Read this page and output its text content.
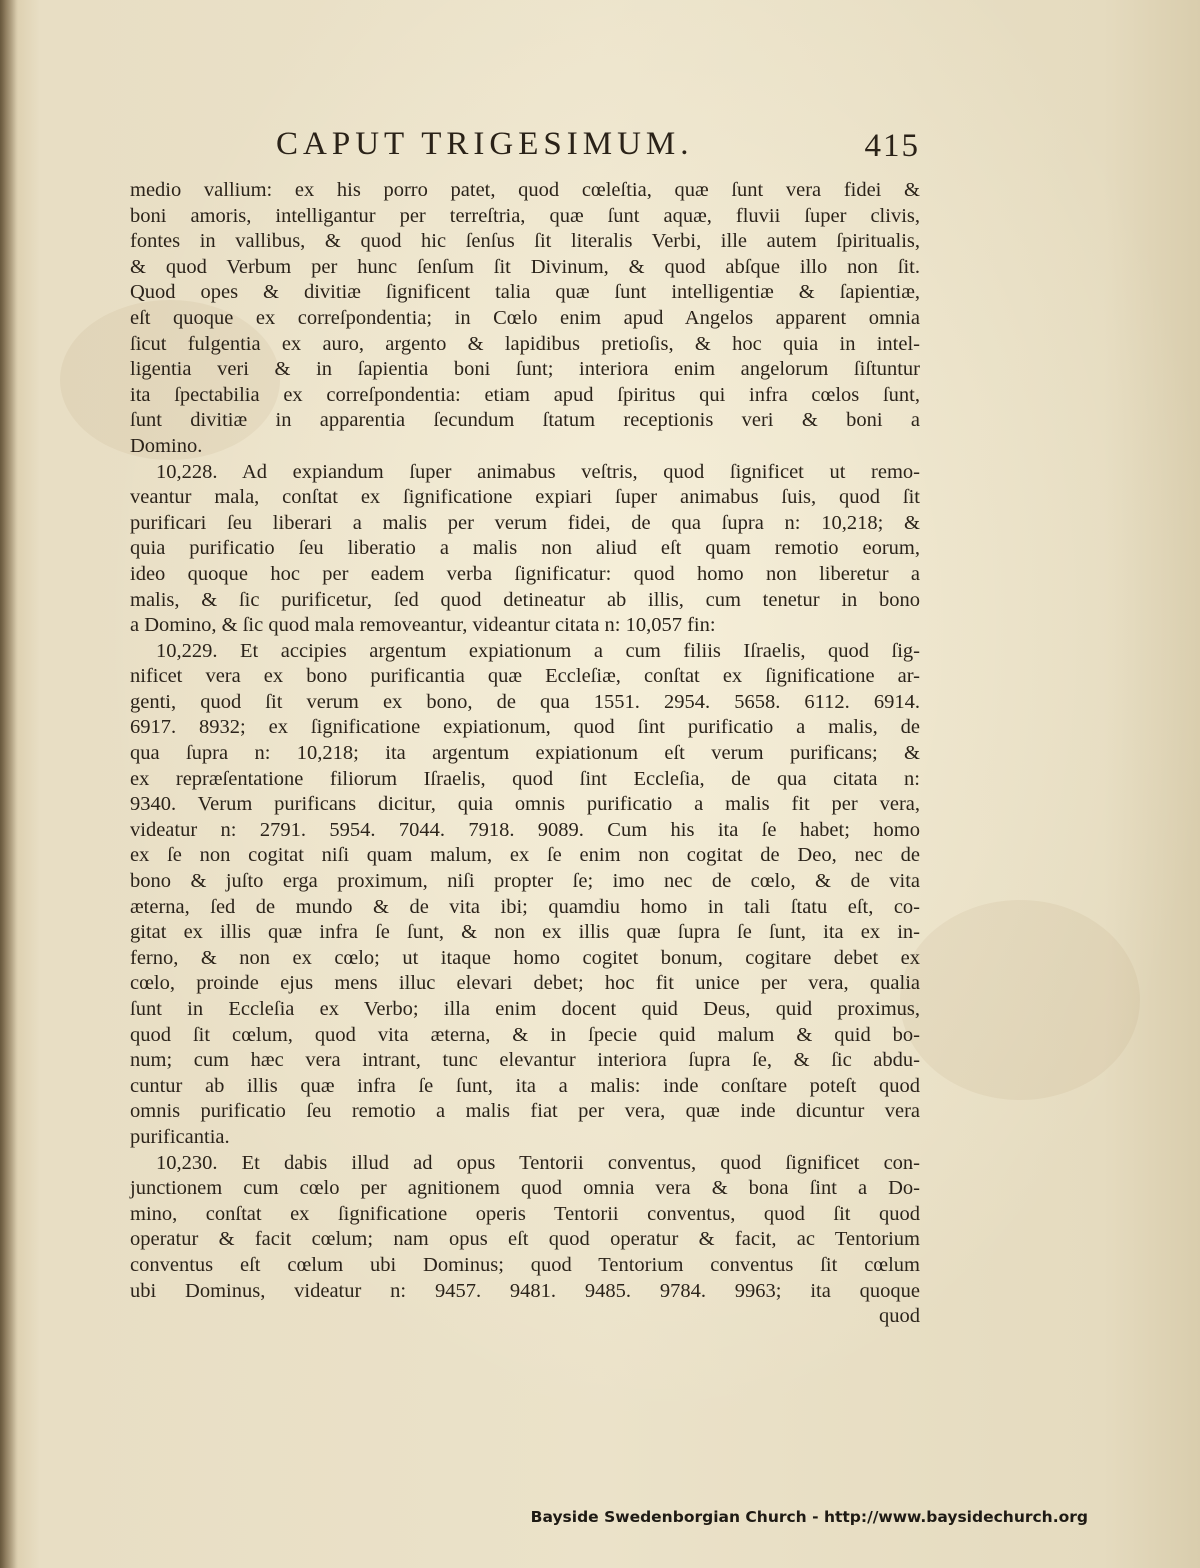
CAPUT TRIGESIMUM.	415
medio vallium: ex his porro patet, quod cœleſtia, quæ ſunt vera fidei &
boni amoris, intelligantur per terreſtria, quæ ſunt aquæ, fluvii ſuper clivis,
fontes in vallibus, & quod hic ſenſus ſit literalis Verbi, ille autem ſpiritualis,
& quod Verbum per hunc ſenſum ſit Divinum, & quod abſque illo non ſit.
Quod opes & divitiæ ſignificent talia quæ ſunt intelligentiæ & ſapientiæ,
eſt quoque ex correſpondentia; in Cœlo enim apud Angelos apparent omnia
ſicut fulgentia ex auro, argento & lapidibus pretioſis, & hoc quia in intel-
ligentia veri & in ſapientia boni ſunt; interiora enim angelorum ſiſtuntur
ita ſpectabilia ex correſpondentia: etiam apud ſpiritus qui infra cœlos ſunt,
ſunt divitiæ in apparentia ſecundum ſtatum receptionis veri & boni a
Domino.
10,228. Ad expiandum ſuper animabus veſtris, quod ſignificet ut remo-
veantur mala, conſtat ex ſignificatione expiari ſuper animabus ſuis, quod ſit
purificari ſeu liberari a malis per verum fidei, de qua ſupra n: 10,218; &
quia purificatio ſeu liberatio a malis non aliud eſt quam remotio eorum,
ideo quoque hoc per eadem verba ſignificatur: quod homo non liberetur a
malis, & ſic purificetur, ſed quod detineatur ab illis, cum tenetur in bono
a Domino, & ſic quod mala removeantur, videantur citata n: 10,057 fin:
10,229. Et accipies argentum expiationum a cum filiis Iſraelis, quod ſig-
nificet vera ex bono purificantia quæ Eccleſiæ, conſtat ex ſignificatione ar-
genti, quod ſit verum ex bono, de qua 1551. 2954. 5658. 6112. 6914.
6917. 8932; ex ſignificatione expiationum, quod ſint purificatio a malis, de
qua ſupra n: 10,218; ita argentum expiationum eſt verum purificans; &
ex repræſentatione filiorum Iſraelis, quod ſint Eccleſia, de qua citata n:
9340. Verum purificans dicitur, quia omnis purificatio a malis fit per vera,
videatur n: 2791. 5954. 7044. 7918. 9089. Cum his ita ſe habet; homo
ex ſe non cogitat niſi quam malum, ex ſe enim non cogitat de Deo, nec de
bono & juſto erga proximum, niſi propter ſe; imo nec de cœlo, & de vita
æterna, ſed de mundo & de vita ibi; quamdiu homo in tali ſtatu eſt, co-
gitat ex illis quæ infra ſe ſunt, & non ex illis quæ ſupra ſe ſunt, ita ex in-
ferno, & non ex cœlo; ut itaque homo cogitet bonum, cogitare debet ex
cœlo, proinde ejus mens illuc elevari debet; hoc fit unice per vera, qualia
ſunt in Eccleſia ex Verbo; illa enim docent quid Deus, quid proximus,
quod ſit cœlum, quod vita æterna, & in ſpecie quid malum & quid bo-
num; cum hæc vera intrant, tunc elevantur interiora ſupra ſe, & ſic abdu-
cuntur ab illis quæ infra ſe ſunt, ita a malis: inde conſtare poteſt quod
omnis purificatio ſeu remotio a malis fiat per vera, quæ inde dicuntur vera
purificantia.
10,230. Et dabis illud ad opus Tentorii conventus, quod ſignificet con-
junctionem cum cœlo per agnitionem quod omnia vera & bona ſint a Do-
mino, conſtat ex ſignificatione operis Tentorii conventus, quod ſit quod
operatur & facit cœlum; nam opus eſt quod operatur & facit, ac Tentorium
conventus eſt cœlum ubi Dominus; quod Tentorium conventus ſit cœlum
ubi Dominus, videatur n: 9457. 9481. 9485. 9784. 9963; ita quoque
quod
Bayside Swedenborgian Church - http://www.baysidechurch.org
